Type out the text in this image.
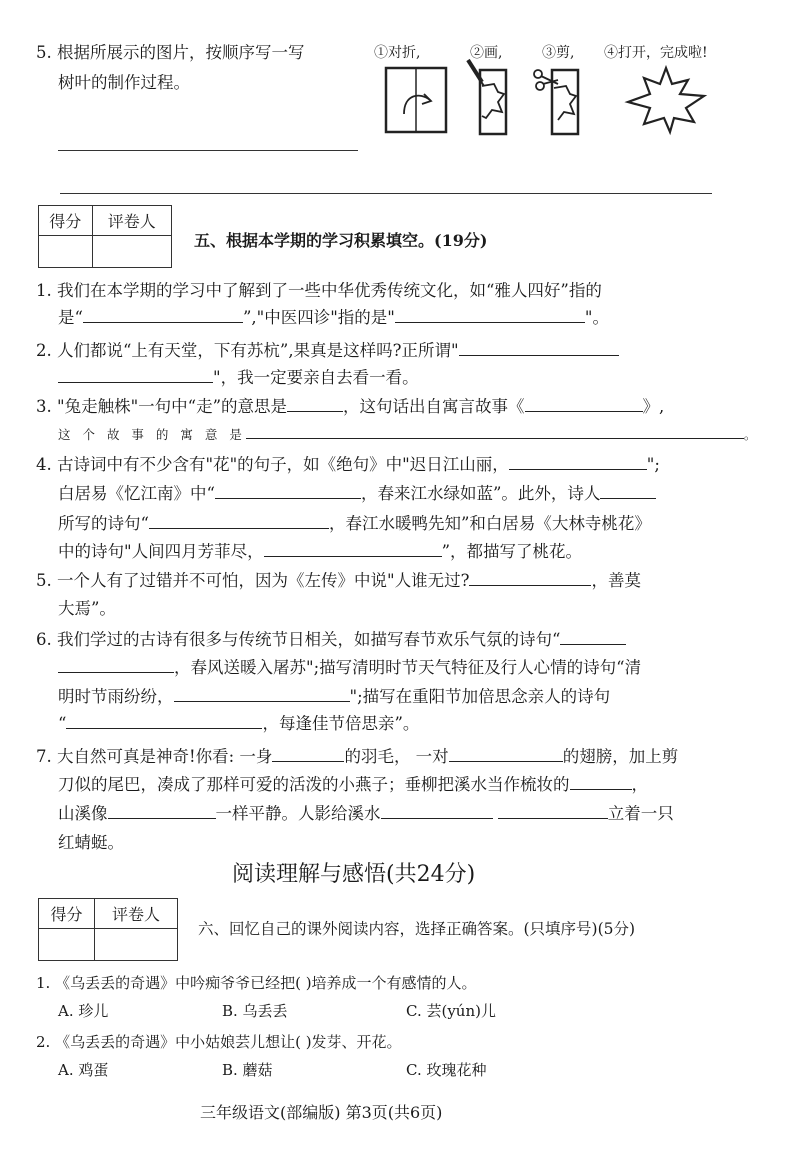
5. 根据所展示的图片，按顺序写一写
树叶的制作过程。
①对折,	②画,	③剪, ④打开，完成啦!
得分	评卷人

五、根据本学期的学习积累填空。(19分)
1. 我们在本学期的学习中了解到了一些中华优秀传统文化，如“雅人四好”指的
是“	”,"中医四诊"指的是"	"。
2. 人们都说“上有天堂，下有苏杭”,果真是这样吗?正所谓"
"，我一定要亲自去看一看。
3. "兔走触株"一句中“走”的意思是	，这句话出自寓言故事《	》,
这 个 故 事 的 寓 意 是	。
4. 古诗词中有不少含有"花"的句子，如《绝句》中"迟日江山丽，	";
白居易《忆江南》中“	，春来江水绿如蓝”。此外，诗人
所写的诗句“	，春江水暖鸭先知”和白居易《大林寺桃花》
中的诗句"人间四月芳菲尽，	”，都描写了桃花。
5. 一个人有了过错并不可怕，因为《左传》中说"人谁无过?	，善莫
大焉”。
6. 我们学过的古诗有很多与传统节日相关，如描写春节欢乐气氛的诗句“
，春风送暖入屠苏";描写清明时节天气特征及行人心情的诗句“清
明时节雨纷纷，	";描写在重阳节加倍思念亲人的诗句
“	，每逢佳节倍思亲”。
7. 大自然可真是神奇!你看: 一身	的羽毛， 一对	的翅膀，加上剪
刀似的尾巴，凑成了那样可爱的活泼的小燕子；垂柳把溪水当作梳妆的	，
山溪像	一样平静。人影给溪水	立着一只
红蜻蜓。
阅读理解与感悟(共24分)
得分	评卷人

六、回忆自己的课外阅读内容，选择正确答案。(只填序号)(5分)
1. 《乌丢丢的奇遇》中吟痴爷爷已经把( )培养成一个有感情的人。
A. 珍儿	B. 乌丢丢	C. 芸(yún)儿
2. 《乌丢丢的奇遇》中小姑娘芸儿想让( )发芽、开花。
A. 鸡蛋	B. 蘑菇	C. 玫瑰花种
三年级语文(部编版) 第3页(共6页)
